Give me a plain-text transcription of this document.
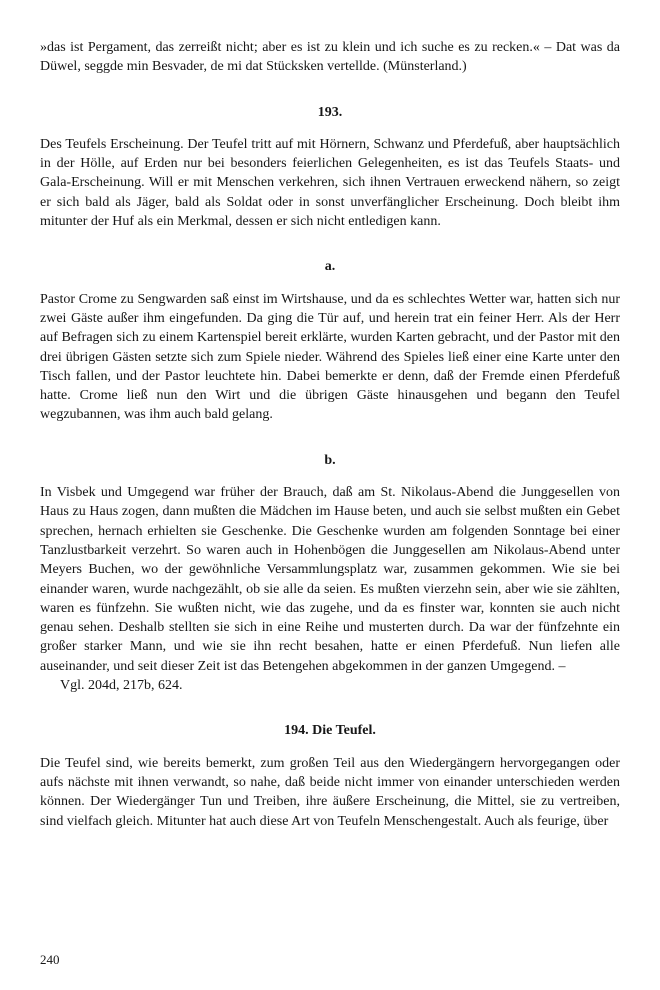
»das ist Pergament, das zerreißt nicht; aber es ist zu klein und ich suche es zu recken.« – Dat was da Düwel, seggde min Besvader, de mi dat Stücksken vertellde. (Münsterland.)

193.

Des Teufels Erscheinung. Der Teufel tritt auf mit Hörnern, Schwanz und Pferdefuß, aber hauptsächlich in der Hölle, auf Erden nur bei besonders feierlichen Gelegenheiten, es ist das Teufels Staats- und Gala-Erscheinung. Will er mit Menschen verkehren, sich ihnen Vertrauen erweckend nähern, so zeigt er sich bald als Jäger, bald als Soldat oder in sonst unverfänglicher Erscheinung. Doch bleibt ihm mitunter der Huf als ein Merkmal, dessen er sich nicht entledigen kann.

a.

Pastor Crome zu Sengwarden saß einst im Wirtshause, und da es schlechtes Wetter war, hatten sich nur zwei Gäste außer ihm eingefunden. Da ging die Tür auf, und herein trat ein feiner Herr. Als der Herr auf Befragen sich zu einem Kartenspiel bereit erklärte, wurden Karten gebracht, und der Pastor mit den drei übrigen Gästen setzte sich zum Spiele nieder. Während des Spieles ließ einer eine Karte unter den Tisch fallen, und der Pastor leuchtete hin. Dabei bemerkte er denn, daß der Fremde einen Pferdefuß hatte. Crome ließ nun den Wirt und die übrigen Gäste hinausgehen und begann den Teufel wegzubannen, was ihm auch bald gelang.

b.

In Visbek und Umgegend war früher der Brauch, daß am St. Nikolaus-Abend die Junggesellen von Haus zu Haus zogen, dann mußten die Mädchen im Hause beten, und auch sie selbst mußten ein Gebet sprechen, hernach erhielten sie Geschenke. Die Geschenke wurden am folgenden Sonntage bei einer Tanzlustbarkeit verzehrt. So waren auch in Hohenbögen die Junggesellen am Nikolaus-Abend unter Meyers Buchen, wo der gewöhnliche Versammlungsplatz war, zusammen gekommen. Wie sie bei einander waren, wurde nachgezählt, ob sie alle da seien. Es mußten vierzehn sein, aber wie sie zählten, waren es fünfzehn. Sie wußten nicht, wie das zugehe, und da es finster war, konnten sie auch nicht genau sehen. Deshalb stellten sie sich in eine Reihe und musterten durch. Da war der fünfzehnte ein großer starker Mann, und wie sie ihn recht besahen, hatte er einen Pferdefuß. Nun liefen alle auseinander, und seit dieser Zeit ist das Betengehen abgekommen in der ganzen Umgegend. –

Vgl. 204d, 217b, 624.

194. Die Teufel.

Die Teufel sind, wie bereits bemerkt, zum großen Teil aus den Wiedergängern hervorgegangen oder aufs nächste mit ihnen verwandt, so nahe, daß beide nicht immer von einander unterschieden werden können. Der Wiedergänger Tun und Treiben, ihre äußere Erscheinung, die Mittel, sie zu vertreiben, sind vielfach gleich. Mitunter hat auch diese Art von Teufeln Menschengestalt. Auch als feurige, über

240
